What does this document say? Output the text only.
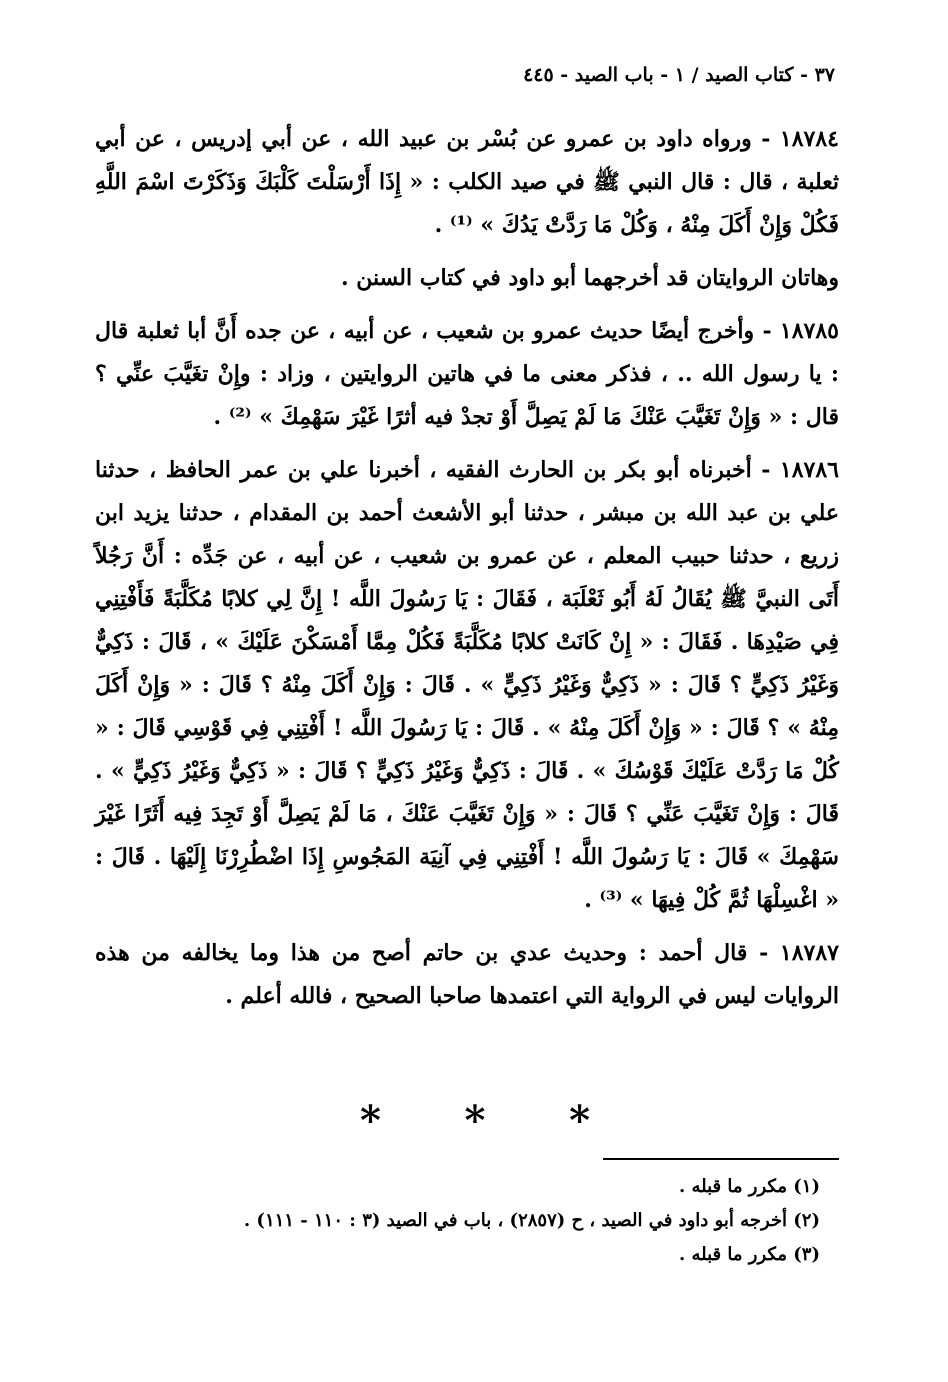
٣٧ - كتاب الصيد / ١ - باب الصيد - ٤٤٥

١٨٧٨٤ - ورواه داود بن عمرو عن بُسْر بن عبيد الله ، عن أبي إدريس ، عن أبي ثعلبة ، قال : قال النبي ﷺ في صيد الكلب : « إِذَا أَرْسَلْتَ كَلْبَكَ وَذَكَرْتَ اسْمَ اللَّهِ فَكُلْ وَإِنْ أَكَلَ مِنْهُ ، وَكُلْ مَا رَدَّتْ يَدُكَ » ⁽¹⁾ .

وهاتان الروايتان قد أخرجهما أبو داود في كتاب السنن .

١٨٧٨٥ - وأخرج أيضًا حديث عمرو بن شعيب ، عن أبيه ، عن جده أَنَّ أبا ثعلبة قال : يا رسول الله .. ، فذكر معنى ما في هاتين الروايتين ، وزاد : وإِنْ تغَيَّبَ عنِّي ؟ قال : « وَإِنْ تَغَيَّبَ عَنْكَ مَا لَمْ يَصِلَّ أَوْ تجدْ فيه أثرًا غَيْرَ سَهْمِكَ » ⁽²⁾ .

١٨٧٨٦ - أخبرناه أبو بكر بن الحارث الفقيه ، أخبرنا علي بن عمر الحافظ ، حدثنا علي بن عبد الله بن مبشر ، حدثنا أبو الأشعث أحمد بن المقدام ، حدثنا يزيد ابن زريع ، حدثنا حبيب المعلم ، عن عمرو بن شعيب ، عن أبيه ، عن جَدِّه : أَنَّ رَجُلاً أَتَى النبيَّ ﷺ يُقَالُ لَهُ أَبُو ثَعْلَبَة ، فَقَالَ : يَا رَسُولَ اللَّه ! إِنَّ لِي كلابًا مُكَلَّبَةً فَأَفْتِنِي فِي صَيْدِهَا . فَقَالَ : « إِنْ كَانَتْ كلابًا مُكَلَّبَةً فَكُلْ مِمَّا أَمْسَكْنَ عَلَيْكَ » ، قَالَ : ذَكِيٌّ وَغَيْرُ ذَكِيٍّ ؟ قَالَ : « ذَكِيٌّ وَغَيْرُ ذَكِيٍّ » . قَالَ : وَإِنْ أَكَلَ مِنْهُ ؟ قَالَ : « وَإِنْ أَكَلَ مِنْهُ » ؟ قَالَ : « وَإِنْ أَكَلَ مِنْهُ » . قَالَ : يَا رَسُولَ اللَّه ! أَفْتِنِي فِي قَوْسِي قَالَ : « كُلْ مَا رَدَّتْ عَلَيْكَ قَوْسُكَ » . قَالَ : ذَكِيٌّ وَغَيْرُ ذَكِيٍّ ؟ قَالَ : « ذَكِيٌّ وَغَيْرُ ذَكِيٍّ » . قَالَ : وَإِنْ تَغَيَّبَ عَنِّي ؟ قَالَ : « وَإِنْ تَغَيَّبَ عَنْكَ ، مَا لَمْ يَصِلَّ أَوْ تَجِدَ فِيه أَثَرًا غَيْرَ سَهْمِكَ » قَالَ : يَا رَسُولَ اللَّه ! أَفْتِنِي فِي آنِيَة المَجُوسِ إِذَا اضْطُرِرْنَا إِلَيْهَا . قَالَ : « اغْسِلْهَا ثُمَّ كُلْ فِيهَا » ⁽³⁾ .

١٨٧٨٧ - قال أحمد : وحديث عدي بن حاتم أصح من هذا وما يخالفه من هذه الروايات ليس في الرواية التي اعتمدها صاحبا الصحيح ، فالله أعلم .

* * *
(١) مكرر ما قبله .
(٢) أخرجه أبو داود في الصيد ، ح (٢٨٥٧) ، باب في الصيد (٣ : ١١٠ - ١١١) .
(٣) مكرر ما قبله .
